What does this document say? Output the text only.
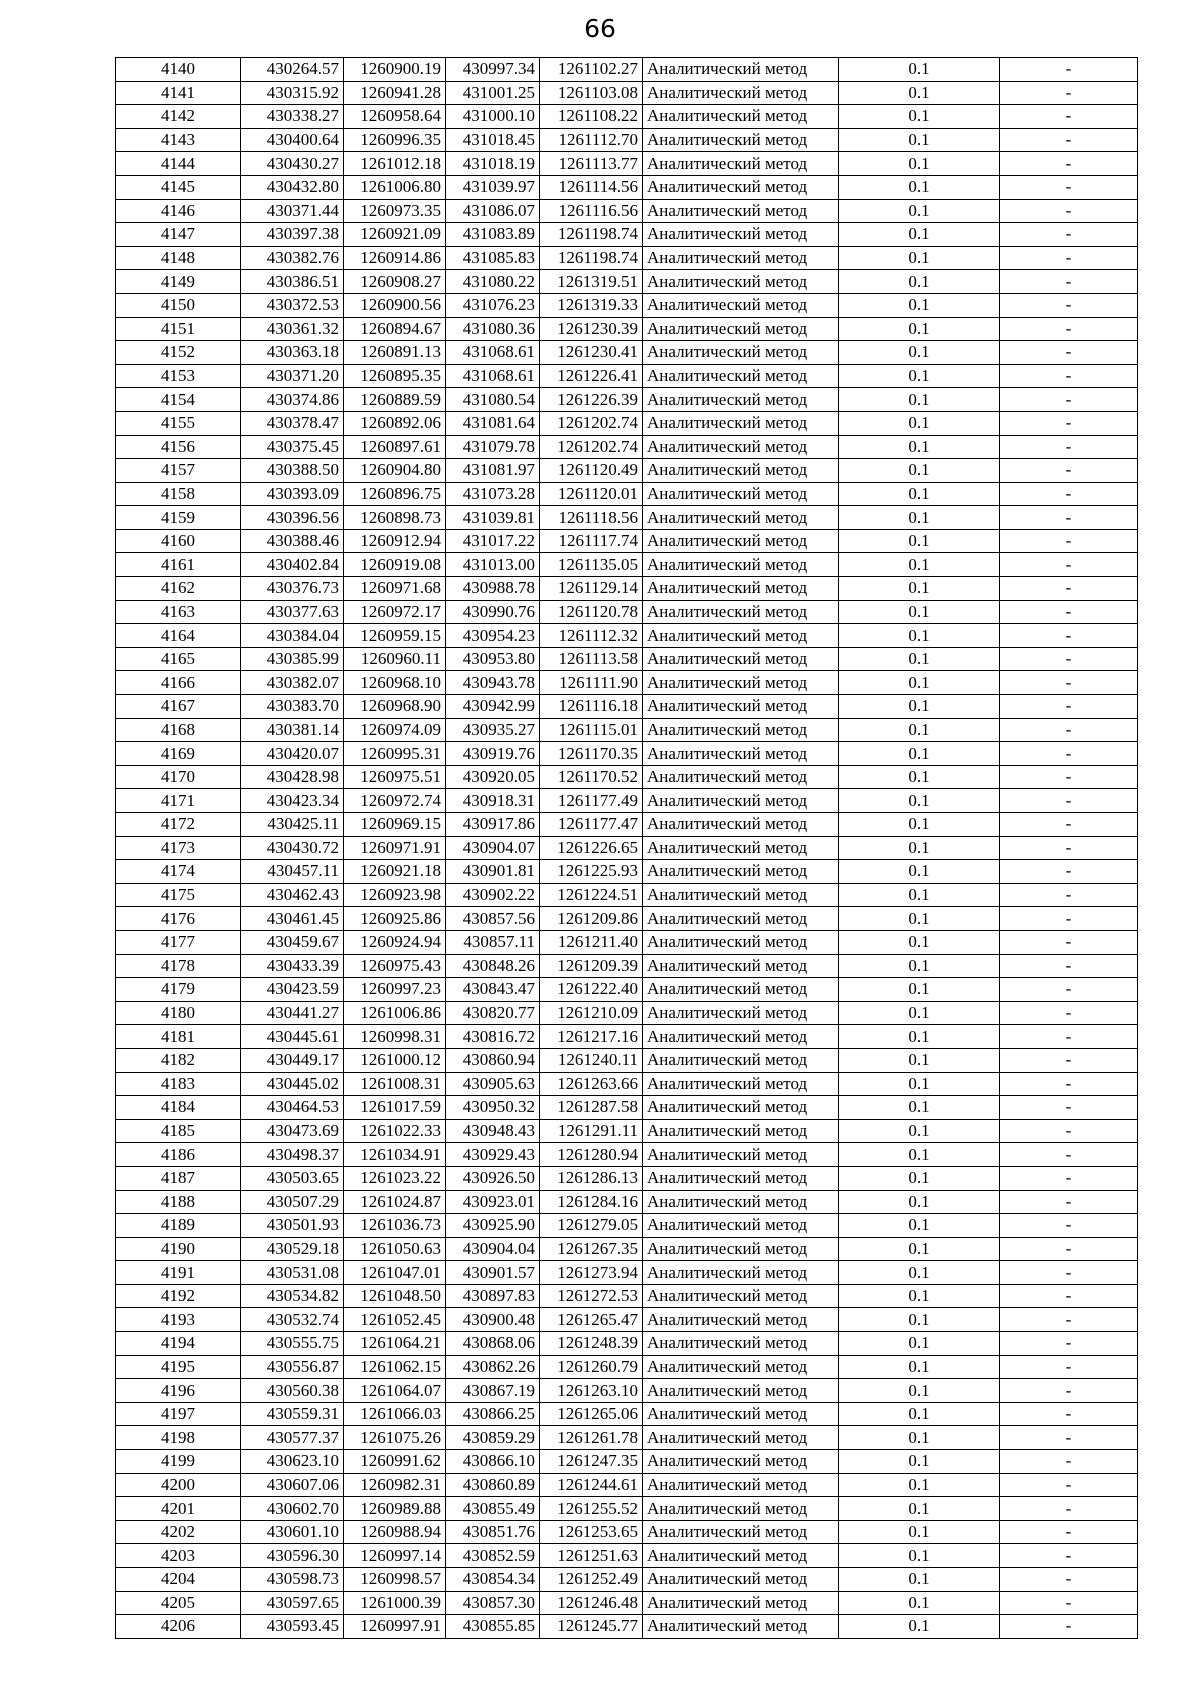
66
4140	430264.57	1260900.19	430997.34	1261102.27	Аналитический метод	0.1	-
4141	430315.92	1260941.28	431001.25	1261103.08	Аналитический метод	0.1	-
4142	430338.27	1260958.64	431000.10	1261108.22	Аналитический метод	0.1	-
4143	430400.64	1260996.35	431018.45	1261112.70	Аналитический метод	0.1	-
4144	430430.27	1261012.18	431018.19	1261113.77	Аналитический метод	0.1	-
4145	430432.80	1261006.80	431039.97	1261114.56	Аналитический метод	0.1	-
4146	430371.44	1260973.35	431086.07	1261116.56	Аналитический метод	0.1	-
4147	430397.38	1260921.09	431083.89	1261198.74	Аналитический метод	0.1	-
4148	430382.76	1260914.86	431085.83	1261198.74	Аналитический метод	0.1	-
4149	430386.51	1260908.27	431080.22	1261319.51	Аналитический метод	0.1	-
4150	430372.53	1260900.56	431076.23	1261319.33	Аналитический метод	0.1	-
4151	430361.32	1260894.67	431080.36	1261230.39	Аналитический метод	0.1	-
4152	430363.18	1260891.13	431068.61	1261230.41	Аналитический метод	0.1	-
4153	430371.20	1260895.35	431068.61	1261226.41	Аналитический метод	0.1	-
4154	430374.86	1260889.59	431080.54	1261226.39	Аналитический метод	0.1	-
4155	430378.47	1260892.06	431081.64	1261202.74	Аналитический метод	0.1	-
4156	430375.45	1260897.61	431079.78	1261202.74	Аналитический метод	0.1	-
4157	430388.50	1260904.80	431081.97	1261120.49	Аналитический метод	0.1	-
4158	430393.09	1260896.75	431073.28	1261120.01	Аналитический метод	0.1	-
4159	430396.56	1260898.73	431039.81	1261118.56	Аналитический метод	0.1	-
4160	430388.46	1260912.94	431017.22	1261117.74	Аналитический метод	0.1	-
4161	430402.84	1260919.08	431013.00	1261135.05	Аналитический метод	0.1	-
4162	430376.73	1260971.68	430988.78	1261129.14	Аналитический метод	0.1	-
4163	430377.63	1260972.17	430990.76	1261120.78	Аналитический метод	0.1	-
4164	430384.04	1260959.15	430954.23	1261112.32	Аналитический метод	0.1	-
4165	430385.99	1260960.11	430953.80	1261113.58	Аналитический метод	0.1	-
4166	430382.07	1260968.10	430943.78	1261111.90	Аналитический метод	0.1	-
4167	430383.70	1260968.90	430942.99	1261116.18	Аналитический метод	0.1	-
4168	430381.14	1260974.09	430935.27	1261115.01	Аналитический метод	0.1	-
4169	430420.07	1260995.31	430919.76	1261170.35	Аналитический метод	0.1	-
4170	430428.98	1260975.51	430920.05	1261170.52	Аналитический метод	0.1	-
4171	430423.34	1260972.74	430918.31	1261177.49	Аналитический метод	0.1	-
4172	430425.11	1260969.15	430917.86	1261177.47	Аналитический метод	0.1	-
4173	430430.72	1260971.91	430904.07	1261226.65	Аналитический метод	0.1	-
4174	430457.11	1260921.18	430901.81	1261225.93	Аналитический метод	0.1	-
4175	430462.43	1260923.98	430902.22	1261224.51	Аналитический метод	0.1	-
4176	430461.45	1260925.86	430857.56	1261209.86	Аналитический метод	0.1	-
4177	430459.67	1260924.94	430857.11	1261211.40	Аналитический метод	0.1	-
4178	430433.39	1260975.43	430848.26	1261209.39	Аналитический метод	0.1	-
4179	430423.59	1260997.23	430843.47	1261222.40	Аналитический метод	0.1	-
4180	430441.27	1261006.86	430820.77	1261210.09	Аналитический метод	0.1	-
4181	430445.61	1260998.31	430816.72	1261217.16	Аналитический метод	0.1	-
4182	430449.17	1261000.12	430860.94	1261240.11	Аналитический метод	0.1	-
4183	430445.02	1261008.31	430905.63	1261263.66	Аналитический метод	0.1	-
4184	430464.53	1261017.59	430950.32	1261287.58	Аналитический метод	0.1	-
4185	430473.69	1261022.33	430948.43	1261291.11	Аналитический метод	0.1	-
4186	430498.37	1261034.91	430929.43	1261280.94	Аналитический метод	0.1	-
4187	430503.65	1261023.22	430926.50	1261286.13	Аналитический метод	0.1	-
4188	430507.29	1261024.87	430923.01	1261284.16	Аналитический метод	0.1	-
4189	430501.93	1261036.73	430925.90	1261279.05	Аналитический метод	0.1	-
4190	430529.18	1261050.63	430904.04	1261267.35	Аналитический метод	0.1	-
4191	430531.08	1261047.01	430901.57	1261273.94	Аналитический метод	0.1	-
4192	430534.82	1261048.50	430897.83	1261272.53	Аналитический метод	0.1	-
4193	430532.74	1261052.45	430900.48	1261265.47	Аналитический метод	0.1	-
4194	430555.75	1261064.21	430868.06	1261248.39	Аналитический метод	0.1	-
4195	430556.87	1261062.15	430862.26	1261260.79	Аналитический метод	0.1	-
4196	430560.38	1261064.07	430867.19	1261263.10	Аналитический метод	0.1	-
4197	430559.31	1261066.03	430866.25	1261265.06	Аналитический метод	0.1	-
4198	430577.37	1261075.26	430859.29	1261261.78	Аналитический метод	0.1	-
4199	430623.10	1260991.62	430866.10	1261247.35	Аналитический метод	0.1	-
4200	430607.06	1260982.31	430860.89	1261244.61	Аналитический метод	0.1	-
4201	430602.70	1260989.88	430855.49	1261255.52	Аналитический метод	0.1	-
4202	430601.10	1260988.94	430851.76	1261253.65	Аналитический метод	0.1	-
4203	430596.30	1260997.14	430852.59	1261251.63	Аналитический метод	0.1	-
4204	430598.73	1260998.57	430854.34	1261252.49	Аналитический метод	0.1	-
4205	430597.65	1261000.39	430857.30	1261246.48	Аналитический метод	0.1	-
4206	430593.45	1260997.91	430855.85	1261245.77	Аналитический метод	0.1	-
